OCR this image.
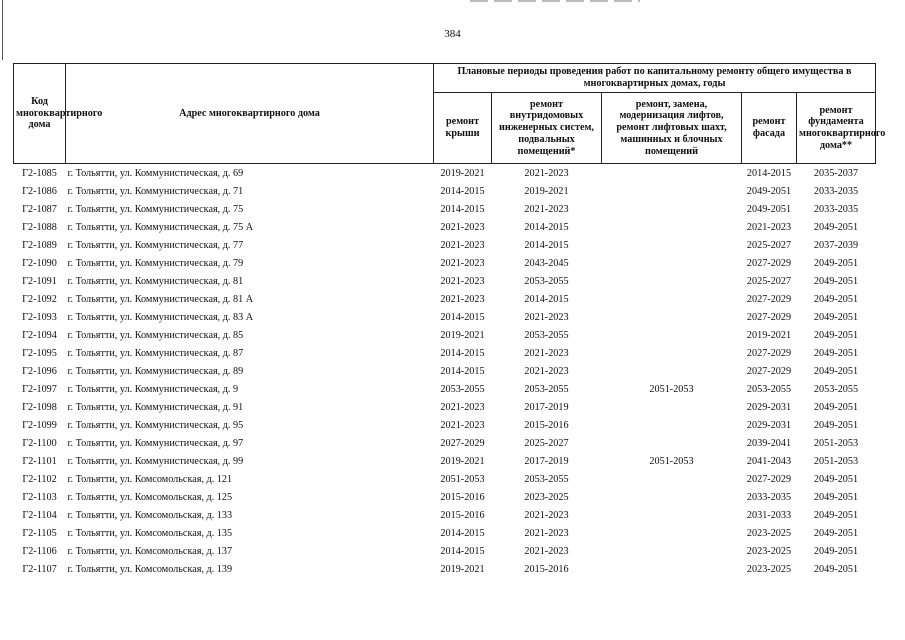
384
Код многоквартирного дома	Адрес многоквартирного дома	Плановые периоды проведения работ по капитальному ремонту общего имущества в многоквартирных домах, годы				
		ремонт крыши	ремонт внутридомовых инженерных систем, подвальных помещений*	ремонт, замена, модернизация лифтов, ремонт лифтовых шахт, машинных и блочных помещений	ремонт фасада	ремонт фундамента многоквартирного дома**
Г2-1085	г. Тольятти, ул. Коммунистическая, д. 69	2019-2021	2021-2023		2014-2015	2035-2037
Г2-1086	г. Тольятти, ул. Коммунистическая, д. 71	2014-2015	2019-2021		2049-2051	2033-2035
Г2-1087	г. Тольятти, ул. Коммунистическая, д. 75	2014-2015	2021-2023		2049-2051	2033-2035
Г2-1088	г. Тольятти, ул. Коммунистическая, д. 75 А	2021-2023	2014-2015		2021-2023	2049-2051
Г2-1089	г. Тольятти, ул. Коммунистическая, д. 77	2021-2023	2014-2015		2025-2027	2037-2039
Г2-1090	г. Тольятти, ул. Коммунистическая, д. 79	2021-2023	2043-2045		2027-2029	2049-2051
Г2-1091	г. Тольятти, ул. Коммунистическая, д. 81	2021-2023	2053-2055		2025-2027	2049-2051
Г2-1092	г. Тольятти, ул. Коммунистическая, д. 81 А	2021-2023	2014-2015		2027-2029	2049-2051
Г2-1093	г. Тольятти, ул. Коммунистическая, д. 83 А	2014-2015	2021-2023		2027-2029	2049-2051
Г2-1094	г. Тольятти, ул. Коммунистическая, д. 85	2019-2021	2053-2055		2019-2021	2049-2051
Г2-1095	г. Тольятти, ул. Коммунистическая, д. 87	2014-2015	2021-2023		2027-2029	2049-2051
Г2-1096	г. Тольятти, ул. Коммунистическая, д. 89	2014-2015	2021-2023		2027-2029	2049-2051
Г2-1097	г. Тольятти, ул. Коммунистическая, д. 9	2053-2055	2053-2055	2051-2053	2053-2055	2053-2055
Г2-1098	г. Тольятти, ул. Коммунистическая, д. 91	2021-2023	2017-2019		2029-2031	2049-2051
Г2-1099	г. Тольятти, ул. Коммунистическая, д. 95	2021-2023	2015-2016		2029-2031	2049-2051
Г2-1100	г. Тольятти, ул. Коммунистическая, д. 97	2027-2029	2025-2027		2039-2041	2051-2053
Г2-1101	г. Тольятти, ул. Коммунистическая, д. 99	2019-2021	2017-2019	2051-2053	2041-2043	2051-2053
Г2-1102	г. Тольятти, ул. Комсомольская, д. 121	2051-2053	2053-2055		2027-2029	2049-2051
Г2-1103	г. Тольятти, ул. Комсомольская, д. 125	2015-2016	2023-2025		2033-2035	2049-2051
Г2-1104	г. Тольятти, ул. Комсомольская, д. 133	2015-2016	2021-2023		2031-2033	2049-2051
Г2-1105	г. Тольятти, ул. Комсомольская, д. 135	2014-2015	2021-2023		2023-2025	2049-2051
Г2-1106	г. Тольятти, ул. Комсомольская, д. 137	2014-2015	2021-2023		2023-2025	2049-2051
Г2-1107	г. Тольятти, ул. Комсомольская, д. 139	2019-2021	2015-2016		2023-2025	2049-2051
